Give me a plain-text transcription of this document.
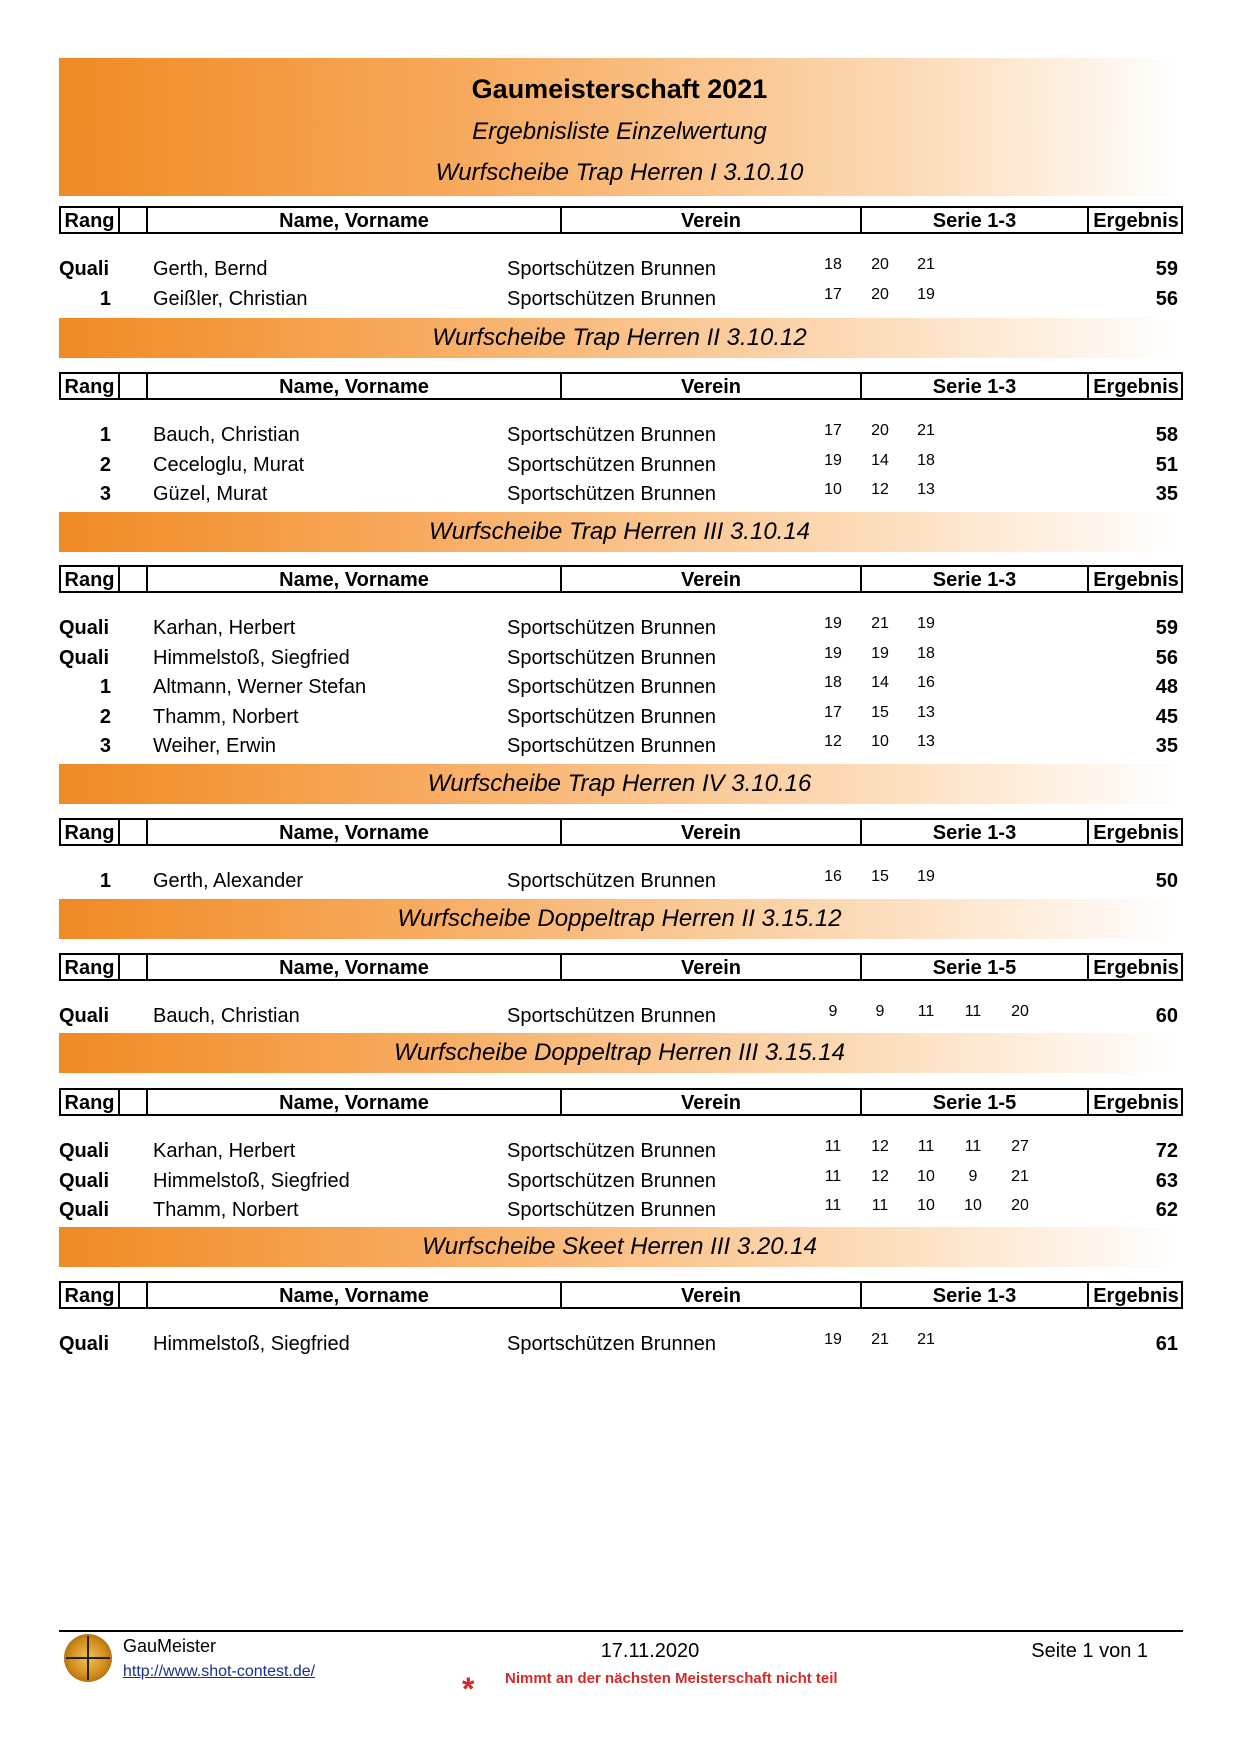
Gaumeisterschaft 2021
Ergebnisliste Einzelwertung
Wurfscheibe Trap Herren I 3.10.10
Rang	Name, Vorname	Verein	Serie 1-3	Ergebnis
Quali Gerth, Bernd	Sportschützen Brunnen	18	20	21	59
1 Geißler, Christian	Sportschützen Brunnen	17	20	19	56
Wurfscheibe Trap Herren II 3.10.12
Rang	Name, Vorname	Verein	Serie 1-3	Ergebnis
1 Bauch, Christian	Sportschützen Brunnen	17	20	21	58
2 Ceceloglu, Murat	Sportschützen Brunnen	19	14	18	51
3 Güzel, Murat	Sportschützen Brunnen	10	12	13	35
Wurfscheibe Trap Herren III 3.10.14
Rang	Name, Vorname	Verein	Serie 1-3	Ergebnis
Quali Karhan, Herbert	Sportschützen Brunnen	19	21	19	59
Quali Himmelstoß, Siegfried	Sportschützen Brunnen	19	19	18	56
1 Altmann, Werner Stefan	Sportschützen Brunnen	18	14	16	48
2 Thamm, Norbert	Sportschützen Brunnen	17	15	13	45
3 Weiher, Erwin	Sportschützen Brunnen	12	10	13	35
Wurfscheibe Trap Herren IV 3.10.16
Rang	Name, Vorname	Verein	Serie 1-3	Ergebnis
1 Gerth, Alexander	Sportschützen Brunnen	16	15	19	50
Wurfscheibe Doppeltrap Herren II 3.15.12
Rang	Name, Vorname	Verein	Serie 1-5	Ergebnis
Quali Bauch, Christian	Sportschützen Brunnen	9	9	11	11	20	60
Wurfscheibe Doppeltrap Herren III 3.15.14
Rang	Name, Vorname	Verein	Serie 1-5	Ergebnis
Quali Karhan, Herbert	Sportschützen Brunnen	11	12	11	11	27	72
Quali Himmelstoß, Siegfried	Sportschützen Brunnen	11	12	10	9	21	63
Quali Thamm, Norbert	Sportschützen Brunnen	11	11	10	10	20	62
Wurfscheibe Skeet Herren III 3.20.14
Rang	Name, Vorname	Verein	Serie 1-3	Ergebnis
Quali Himmelstoß, Siegfried	Sportschützen Brunnen	19	21	21	61
GauMeister
http://www.shot-contest.de/
17.11.2020	Seite 1 von 1
* Nimmt an der nächsten Meisterschaft nicht teil
